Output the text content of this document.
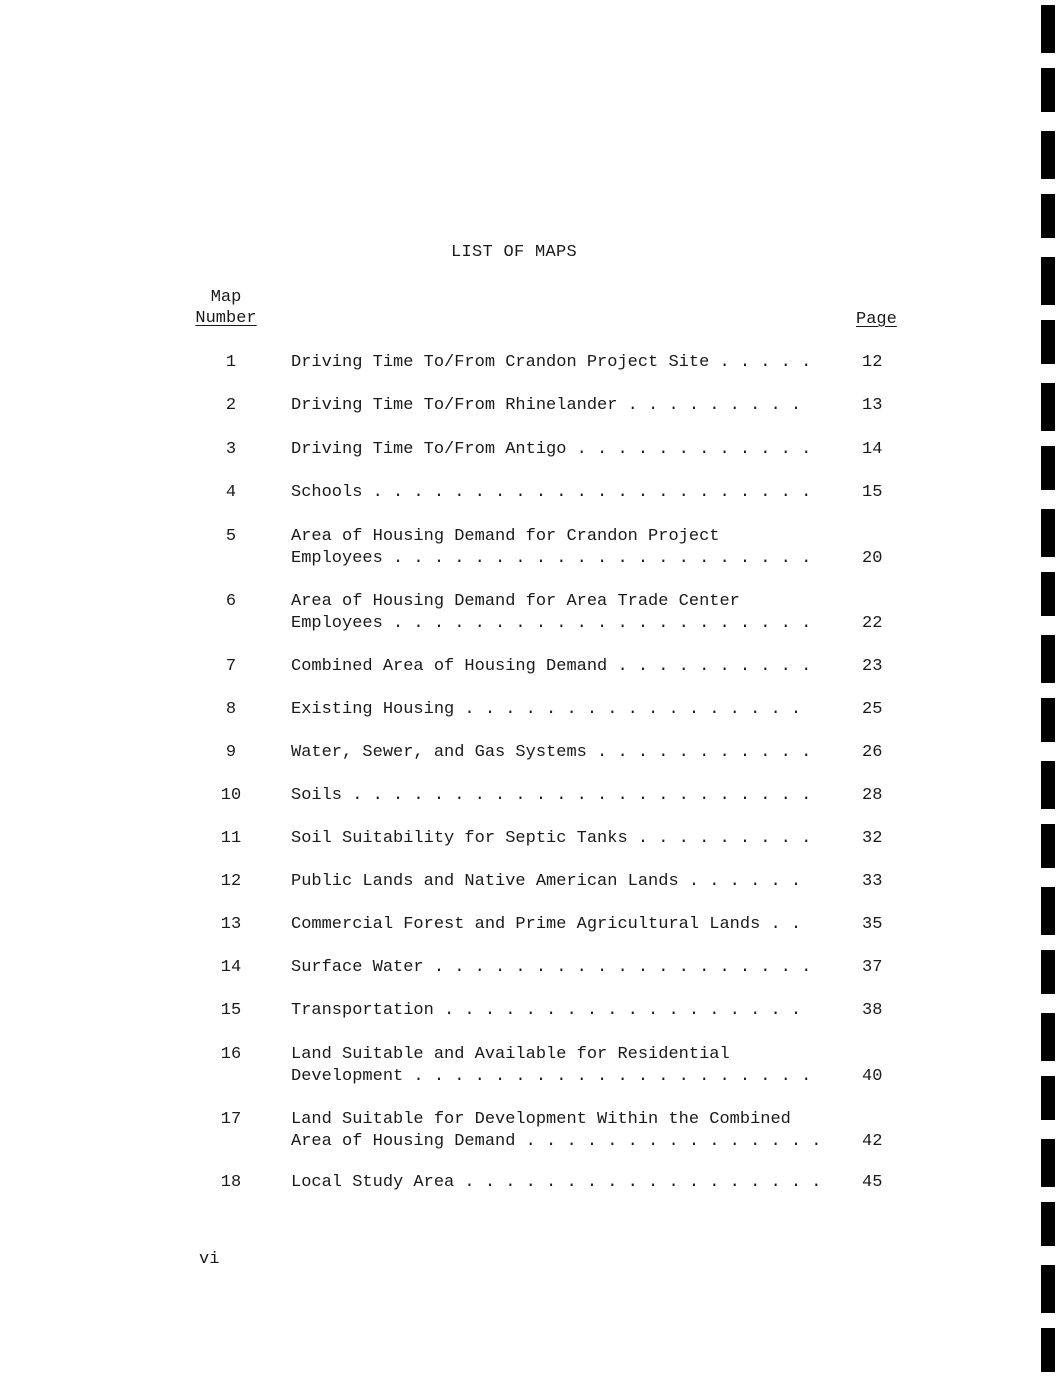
LIST OF MAPS
Map
Number	Page
1	Driving Time To/From Crandon Project Site . . . . .	12
2	Driving Time To/From Rhinelander . . . . . . . . .	13
3	Driving Time To/From Antigo . . . . . . . . . . . .	14
4	Schools . . . . . . . . . . . . . . . . . . . . . .	15
5	Area of Housing Demand for Crandon Project
Employees . . . . . . . . . . . . . . . . . . . . .	20
6	Area of Housing Demand for Area Trade Center
Employees . . . . . . . . . . . . . . . . . . . . .	22
7	Combined Area of Housing Demand . . . . . . . . . .	23
8	Existing Housing . . . . . . . . . . . . . . . . .	25
9	Water, Sewer, and Gas Systems . . . . . . . . . . .	26
10	Soils . . . . . . . . . . . . . . . . . . . . . . .	28
11	Soil Suitability for Septic Tanks . . . . . . . . .	32
12	Public Lands and Native American Lands . . . . . .	33
13	Commercial Forest and Prime Agricultural Lands . .	35
14	Surface Water . . . . . . . . . . . . . . . . . . .	37
15	Transportation . . . . . . . . . . . . . . . . . .	38
16	Land Suitable and Available for Residential
Development . . . . . . . . . . . . . . . . . . . .	40
17	Land Suitable for Development Within the Combined
Area of Housing Demand . . . . . . . . . . . . . . .	42
18	Local Study Area . . . . . . . . . . . . . . . . . .	45
vi
